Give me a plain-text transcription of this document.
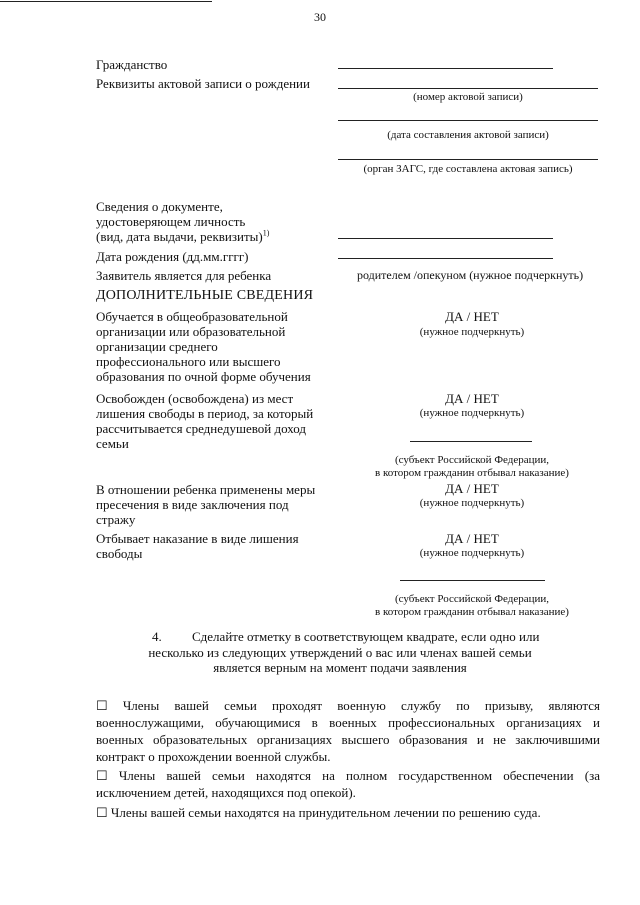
30
Гражданство
Реквизиты актовой записи о рождении
(номер актовой записи)
(дата составления актовой записи)
(орган ЗАГС, где составлена актовая запись)
Сведения о документе,
удостоверяющем личность
(вид, дата выдачи, реквизиты)$^{1)}$
Дата рождения (дд.мм.гггг)
Заявитель является для ребенка	родителем /опекуном (нужное подчеркнуть)
ДОПОЛНИТЕЛЬНЫЕ СВЕДЕНИЯ
Обучается в общеобразовательной
организации или образовательной
организации среднего
профессионального или высшего
образования по очной форме обучения
ДА / НЕТ
(нужное подчеркнуть)
Освобожден (освобождена) из мест
лишения свободы в период, за который
рассчитывается среднедушевой доход
семьи
ДА / НЕТ
(нужное подчеркнуть)
(субъект Российской Федерации,
в котором гражданин отбывал наказание)
В отношении ребенка применены меры
пресечения в виде заключения под
стражу
ДА / НЕТ
(нужное подчеркнуть)
Отбывает наказание в виде лишения
свободы
ДА / НЕТ
(нужное подчеркнуть)
(субъект Российской Федерации,
в котором гражданин отбывал наказание)
4. Сделайте отметку в соответствующем квадрате, если одно или
несколько из следующих утверждений о вас или членах вашей семьи
является верным на момент подачи заявления
☐ Члены вашей семьи проходят военную службу по призыву, являются военнослужащими, обучающимися в военных профессиональных организациях и военных образовательных организациях высшего образования и не заключившими контракт о прохождении военной службы.
☐ Члены вашей семьи находятся на полном государственном обеспечении (за исключением детей, находящихся под опекой).
☐ Члены вашей семьи находятся на принудительном лечении по решению суда.
